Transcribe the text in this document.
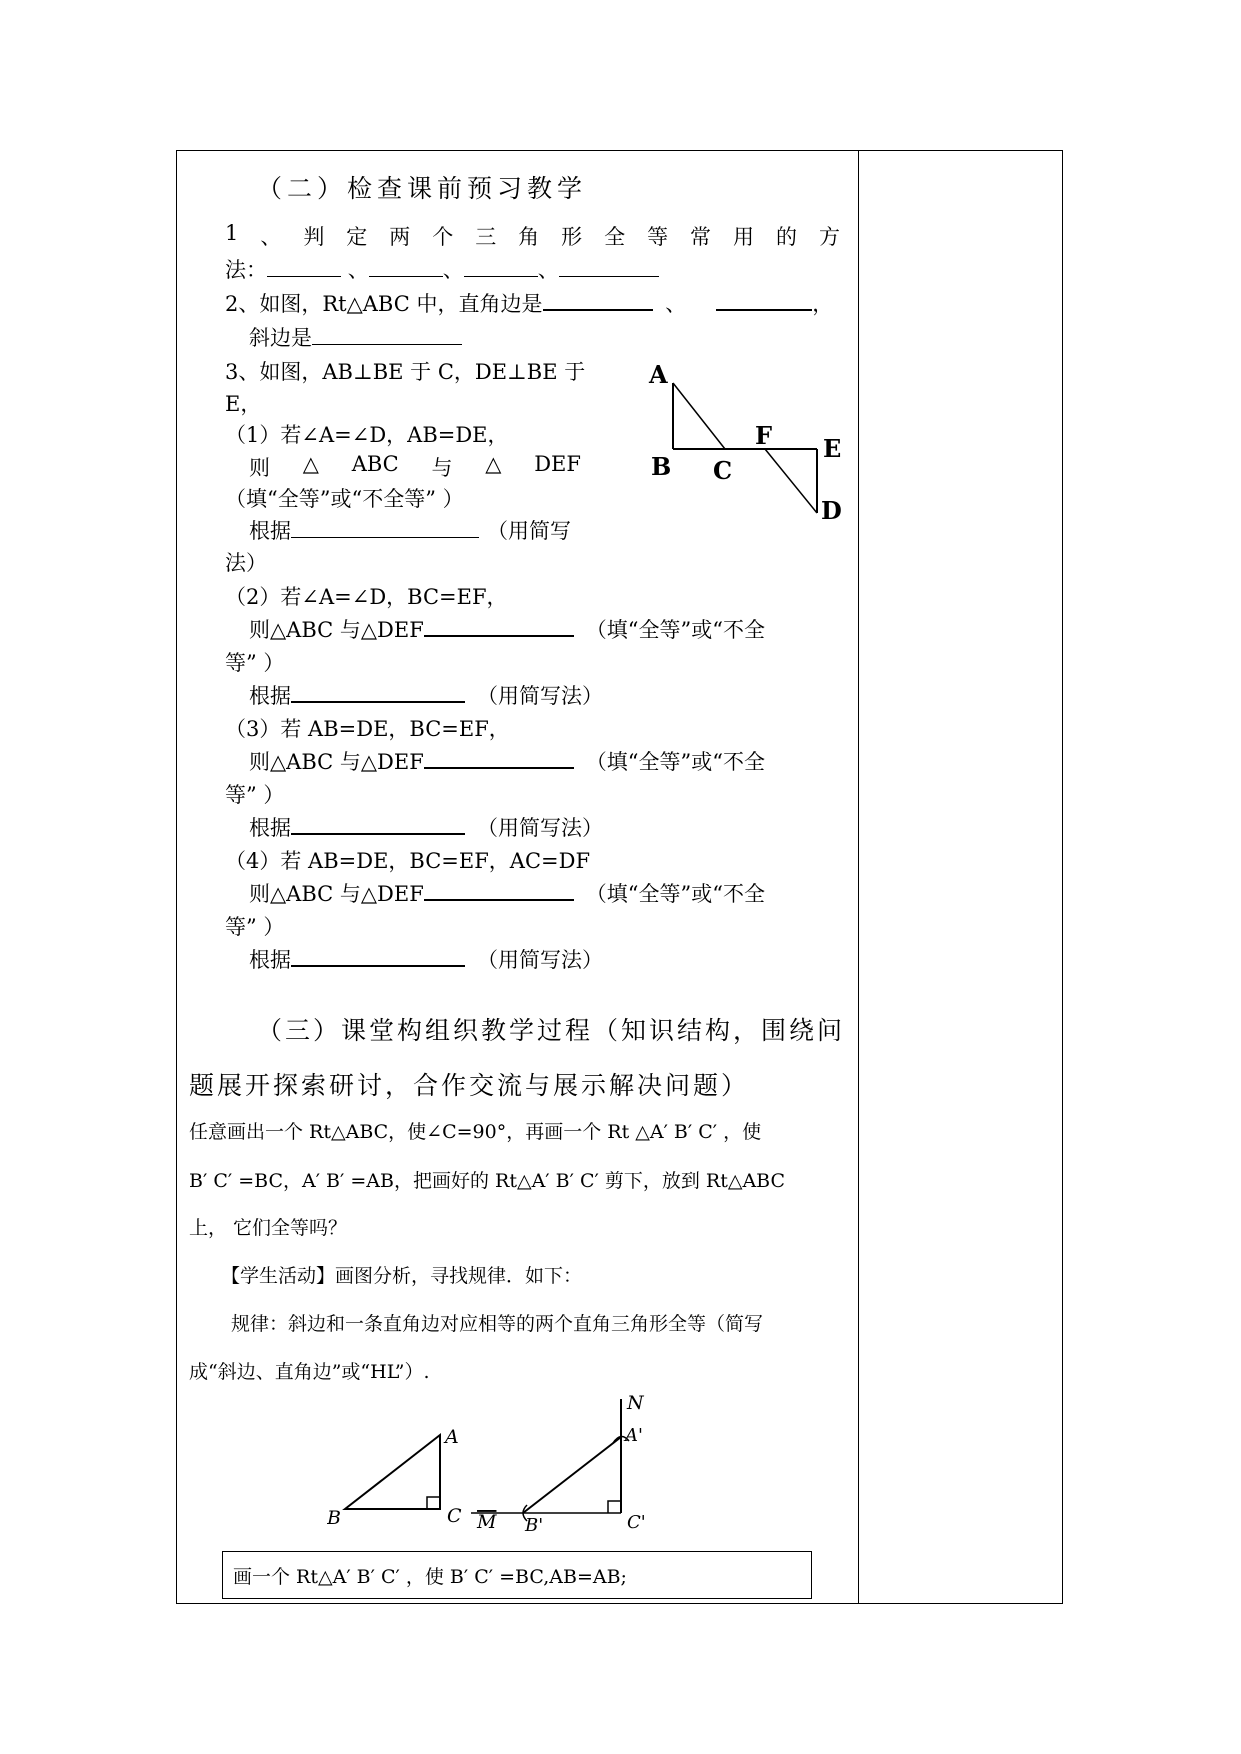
（二）检查课前预习教学
1 、 判 定 两 个 三 角 形 全 等 常 用 的 方
法：	、	、	、
2、如图，Rt△ABC 中，直角边是	、	，
斜边是
3、如图，AB⊥BE 于 C，DE⊥BE 于
E，
（1）若∠A=∠D，AB=DE，
则 △ ABC 与 △ DEF
（填“全等”或“不全等” ）
根据	（用简写
法）
（2）若∠A=∠D，BC=EF，
则△ABC 与△DEF	（填“全等”或“不全
等” ）
根据	（用简写法）
（3）若 AB=DE，BC=EF，
则△ABC 与△DEF	（填“全等”或“不全
等” ）
根据	（用简写法）
（4）若 AB=DE，BC=EF，AC=DF
则△ABC 与△DEF	（填“全等”或“不全
等” ）
根据	（用简写法）
A
B C
F E
D
（三）课堂构组织教学过程（知识结构，围绕问
题展开探索研讨，合作交流与展示解决问题）
任意画出一个 Rt△ABC，使∠C=90°，再画一个 Rt △A′ B′ C′ ，使
B′ C′ =BC，A′ B′ =AB，把画好的 Rt△A′ B′ C′ 剪下，放到 Rt△ABC
上， 它们全等吗？
【学生活动】画图分析，寻找规律．如下：
规律：斜边和一条直角边对应相等的两个直角三角形全等（简写
成“斜边、直角边”或“HL”）.
A
B	C
N
A'
M B'	C'
画一个 Rt△A′ B′ C′ ，使 B′ C′ =BC,AB=AB;
